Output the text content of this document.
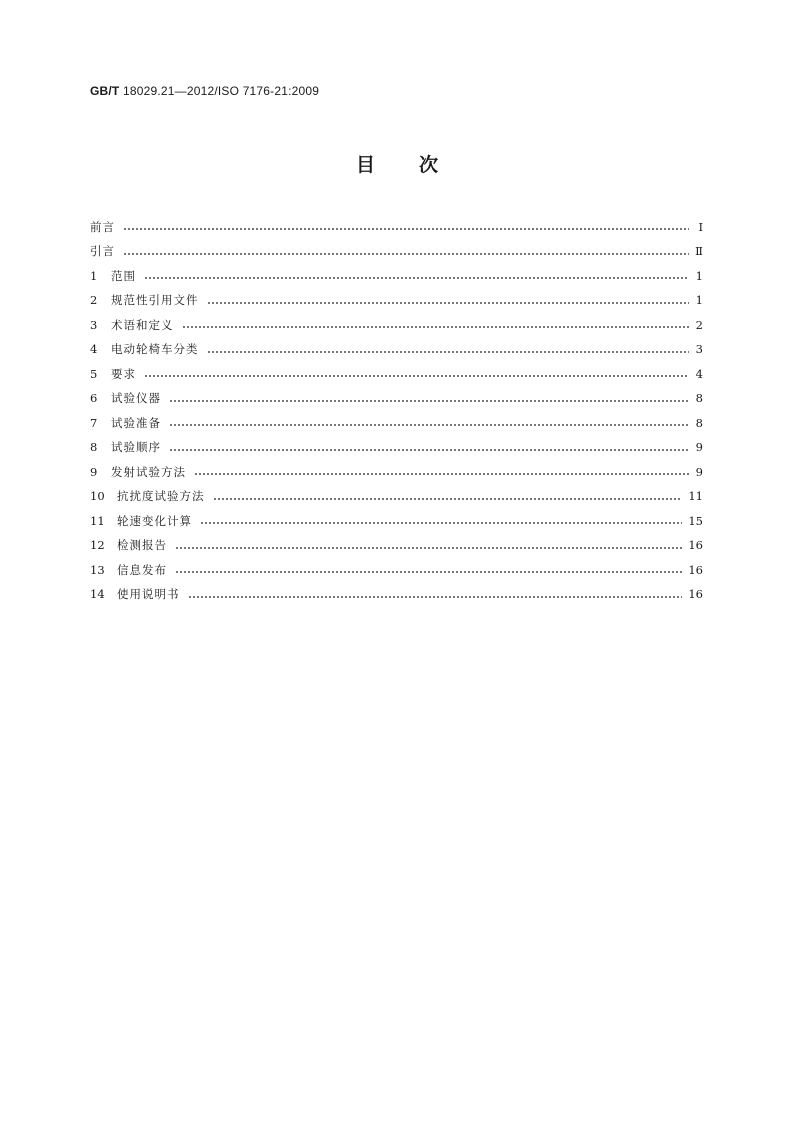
GB/T 18029.21—2012/ISO 7176-21:2009
目次
前言	Ⅰ
引言	Ⅱ
1	范围	1
2	规范性引用文件	1
3	术语和定义	2
4	电动轮椅车分类	3
5	要求	4
6	试验仪器	8
7	试验准备	8
8	试验顺序	9
9	发射试验方法	9
10	抗扰度试验方法	11
11	轮速变化计算	15
12	检测报告	16
13	信息发布	16
14	使用说明书	16
